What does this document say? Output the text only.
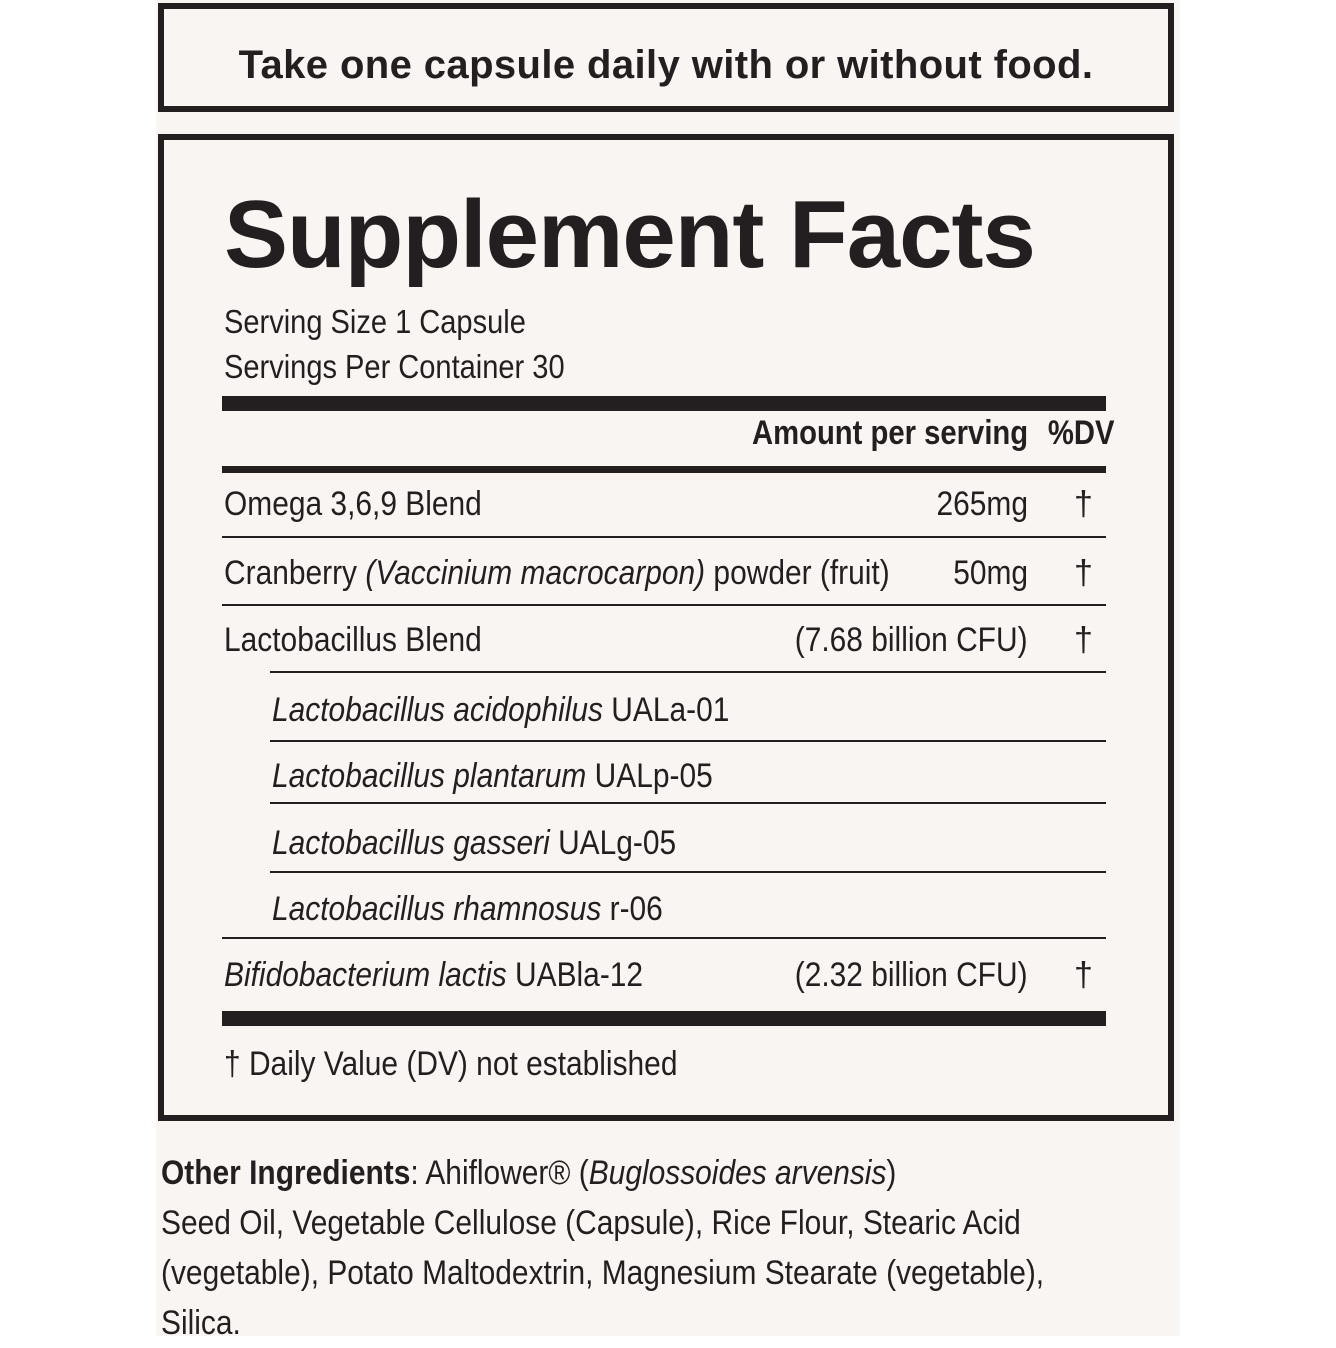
Take one capsule daily with or without food.
Supplement Facts
Serving Size 1 Capsule
Servings Per Container 30
Amount per serving %DV
Omega 3,6,9 Blend	265mg †
Cranberry (Vaccinium macrocarpon) powder (fruit) 50mg †
Lactobacillus Blend	(7.68 billion CFU) †
Lactobacillus acidophilus UALa-01
Lactobacillus plantarum UALp-05
Lactobacillus gasseri UALg-05
Lactobacillus rhamnosus r-06
Bifidobacterium lactis UABla-12	(2.32 billion CFU) †
† Daily Value (DV) not established
Other Ingredients: Ahiflower® (Buglossoides arvensis)
Seed Oil, Vegetable Cellulose (Capsule), Rice Flour, Stearic Acid
(vegetable), Potato Maltodextrin, Magnesium Stearate (vegetable),
Silica.
